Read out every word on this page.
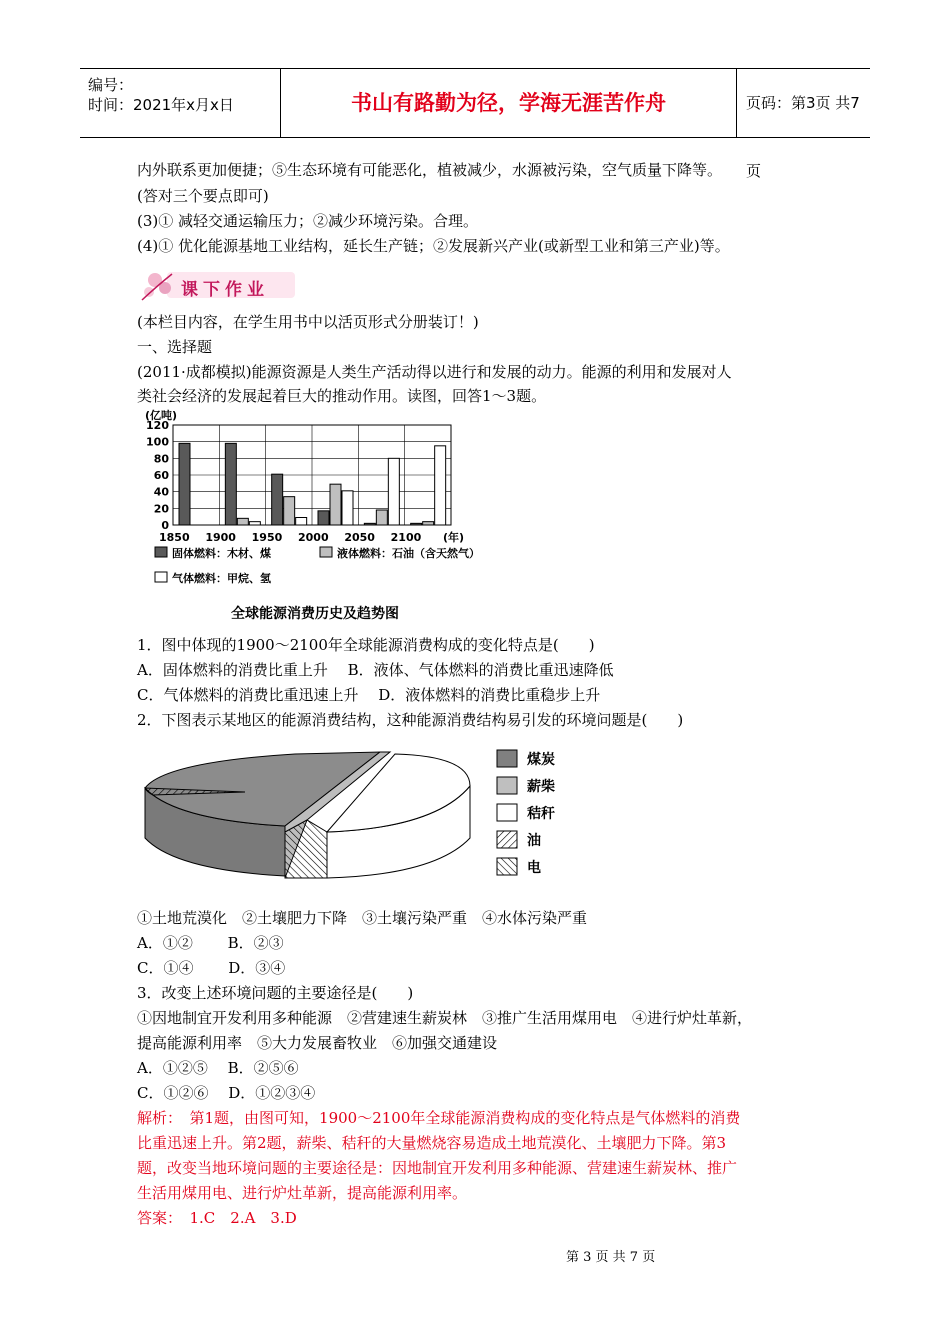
编号：
时间：2021年x月x日	书山有路勤为径，学海无涯苦作舟	页码：第3页 共7页
内外联系更加便捷；⑤生态环境有可能恶化，植被减少，水源被污染，空气质量下降等。
(答对三个要点即可)
(3)① 减轻交通运输压力；②减少环境污染。合理。
(4)① 优化能源基地工业结构，延长生产链；②发展新兴产业(或新型工业和第三产业)等。
课下作业
(本栏目内容，在学生用书中以活页形式分册装订！)
一、选择题
(2011·成都模拟)能源资源是人类生产活动得以进行和发展的动力。能源的利用和发展对人
类社会经济的发展起着巨大的推动作用。读图，回答1～3题。
(亿吨)
0
20
40
60
80
100
120
1850 1900 1950 2000 2050 2100 (年)
固体燃料：木材、煤	液体燃料：石油（含天然气）
气体燃料：甲烷、氢
全球能源消费历史及趋势图
1．图中体现的1900～2100年全球能源消费构成的变化特点是(　　)
A．固体燃料的消费比重上升　 B．液体、气体燃料的消费比重迅速降低
C．气体燃料的消费比重迅速上升　 D．液体燃料的消费比重稳步上升
2．下图表示某地区的能源消费结构，这种能源消费结构易引发的环境问题是(　　)
煤炭
薪柴
秸秆
油
电
①土地荒漠化　②土壤肥力下降　③土壤污染严重　④水体污染严重
A．①②　　 B．②③
C．①④　　 D．③④
3．改变上述环境问题的主要途径是(　　)
①因地制宜开发利用多种能源　②营建速生薪炭林　③推广生活用煤用电　④进行炉灶革新，
提高能源利用率　⑤大力发展畜牧业　⑥加强交通建设
A．①②⑤　 B．②⑤⑥
C．①②⑥　 D．①②③④
解析：　第1题，由图可知，1900～2100年全球能源消费构成的变化特点是气体燃料的消费
比重迅速上升。第2题，薪柴、秸秆的大量燃烧容易造成土地荒漠化、土壤肥力下降。第3
题，改变当地环境问题的主要途径是：因地制宜开发利用多种能源、营建速生薪炭林、推广
生活用煤用电、进行炉灶革新，提高能源利用率。
答案：　1.C　2.A　3.D
第 3 页 共 7 页
